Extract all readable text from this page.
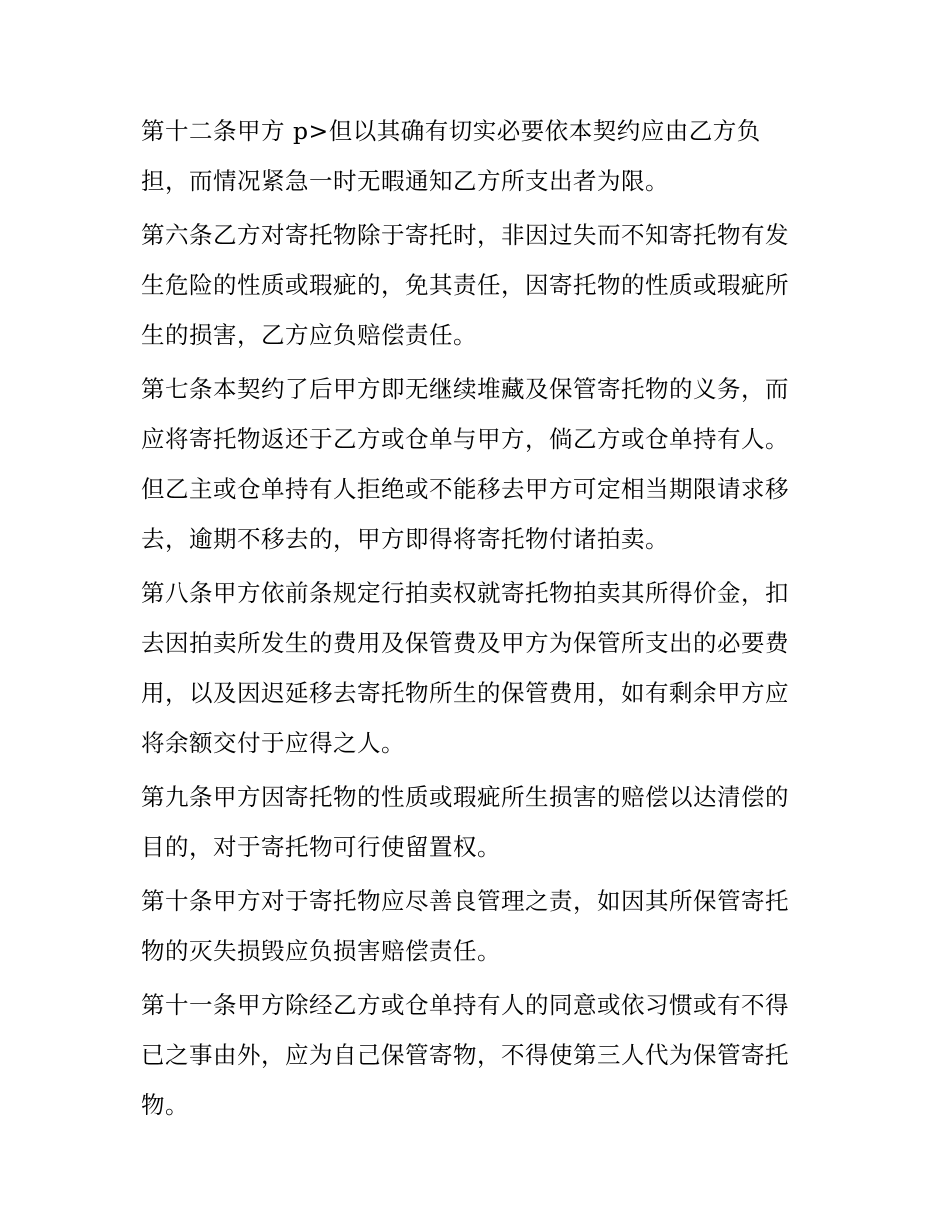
第十二条甲方 p>但以其确有切实必要依本契约应由乙方负
担，而情况紧急一时无暇通知乙方所支出者为限。

第六条乙方对寄托物除于寄托时，非因过失而不知寄托物有发
生危险的性质或瑕疵的，免其责任，因寄托物的性质或瑕疵所
生的损害，乙方应负赔偿责任。

第七条本契约了后甲方即无继续堆藏及保管寄托物的义务，而
应将寄托物返还于乙方或仓单与甲方，倘乙方或仓单持有人。
但乙主或仓单持有人拒绝或不能移去甲方可定相当期限请求移
去，逾期不移去的，甲方即得将寄托物付诸拍卖。

第八条甲方依前条规定行拍卖权就寄托物拍卖其所得价金，扣
去因拍卖所发生的费用及保管费及甲方为保管所支出的必要费
用，以及因迟延移去寄托物所生的保管费用，如有剩余甲方应
将余额交付于应得之人。

第九条甲方因寄托物的性质或瑕疵所生损害的赔偿以达清偿的
目的，对于寄托物可行使留置权。

第十条甲方对于寄托物应尽善良管理之责，如因其所保管寄托
物的灭失损毁应负损害赔偿责任。

第十一条甲方除经乙方或仓单持有人的同意或依习惯或有不得
已之事由外，应为自己保管寄物，不得使第三人代为保管寄托
物。
